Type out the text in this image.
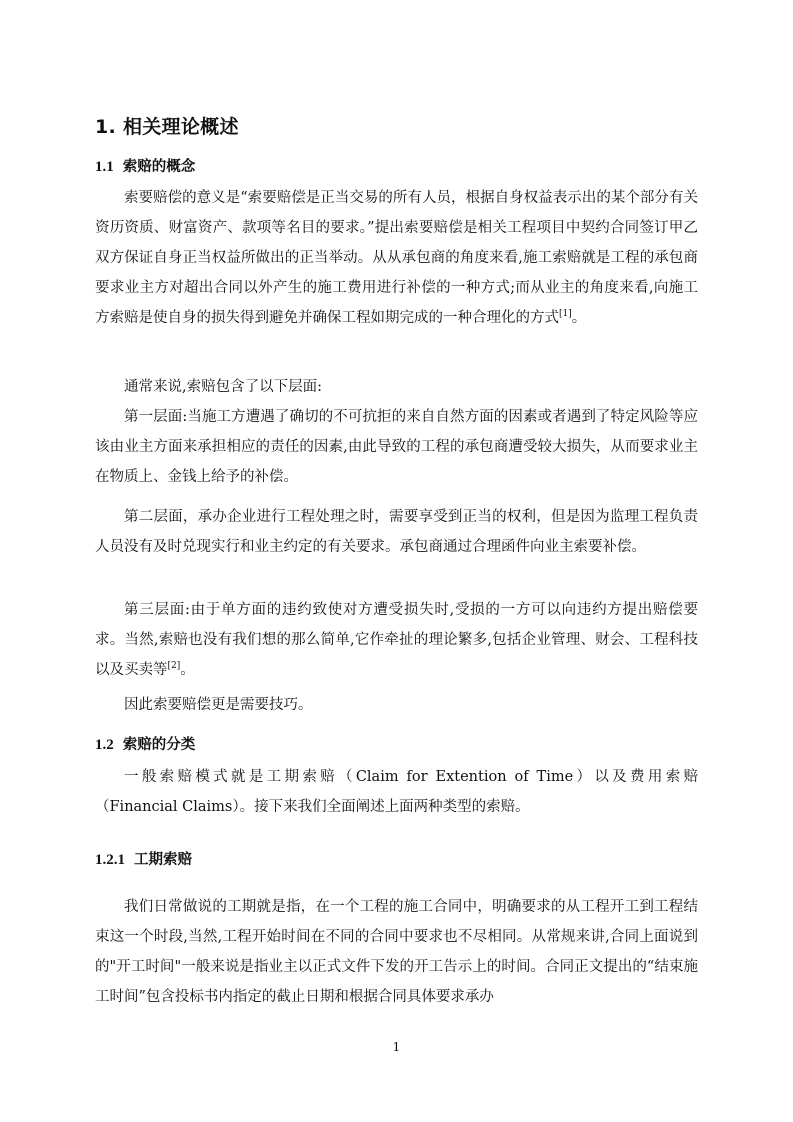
1. 相关理论概述
1.1 索赔的概念

索要赔偿的意义是“索要赔偿是正当交易的所有人员，根据自身权益表示出的某个部分有关资历资质、财富资产、款项等名目的要求。”提出索要赔偿是相关工程项目中契约合同签订甲乙双方保证自身正当权益所做出的正当举动。从从承包商的角度来看,施工索赔就是工程的承包商要求业主方对超出合同以外产生的施工费用进行补偿的一种方式;而从业主的角度来看,向施工方索赔是使自身的损失得到避免并确保工程如期完成的一种合理化的方式[1]。

通常来说,索赔包含了以下层面:

第一层面:当施工方遭遇了确切的不可抗拒的来自自然方面的因素或者遇到了特定风险等应该由业主方面来承担相应的责任的因素,由此导致的工程的承包商遭受较大损失，从而要求业主在物质上、金钱上给予的补偿。

第二层面，承办企业进行工程处理之时，需要享受到正当的权利，但是因为监理工程负责人员没有及时兑现实行和业主约定的有关要求。承包商通过合理函件向业主索要补偿。

第三层面:由于单方面的违约致使对方遭受损失时,受损的一方可以向违约方提出赔偿要求。当然,索赔也没有我们想的那么简单,它作牵扯的理论繁多,包括企业管理、财会、工程科技以及买卖等[2]。

因此索要赔偿更是需要技巧。

1.2 索赔的分类

一般索赔模式就是工期索赔（Claim for Extention of Time）以及费用索赔（Financial Claims）。接下来我们全面阐述上面两种类型的索赔。

1.2.1 工期索赔

我们日常做说的工期就是指，在一个工程的施工合同中，明确要求的从工程开工到工程结束这一个时段,当然,工程开始时间在不同的合同中要求也不尽相同。从常规来讲,合同上面说到的"开工时间"一般来说是指业主以正式文件下发的开工告示上的时间。合同正文提出的“结束施工时间”包含投标书内指定的截止日期和根据合同具体要求承办

1
